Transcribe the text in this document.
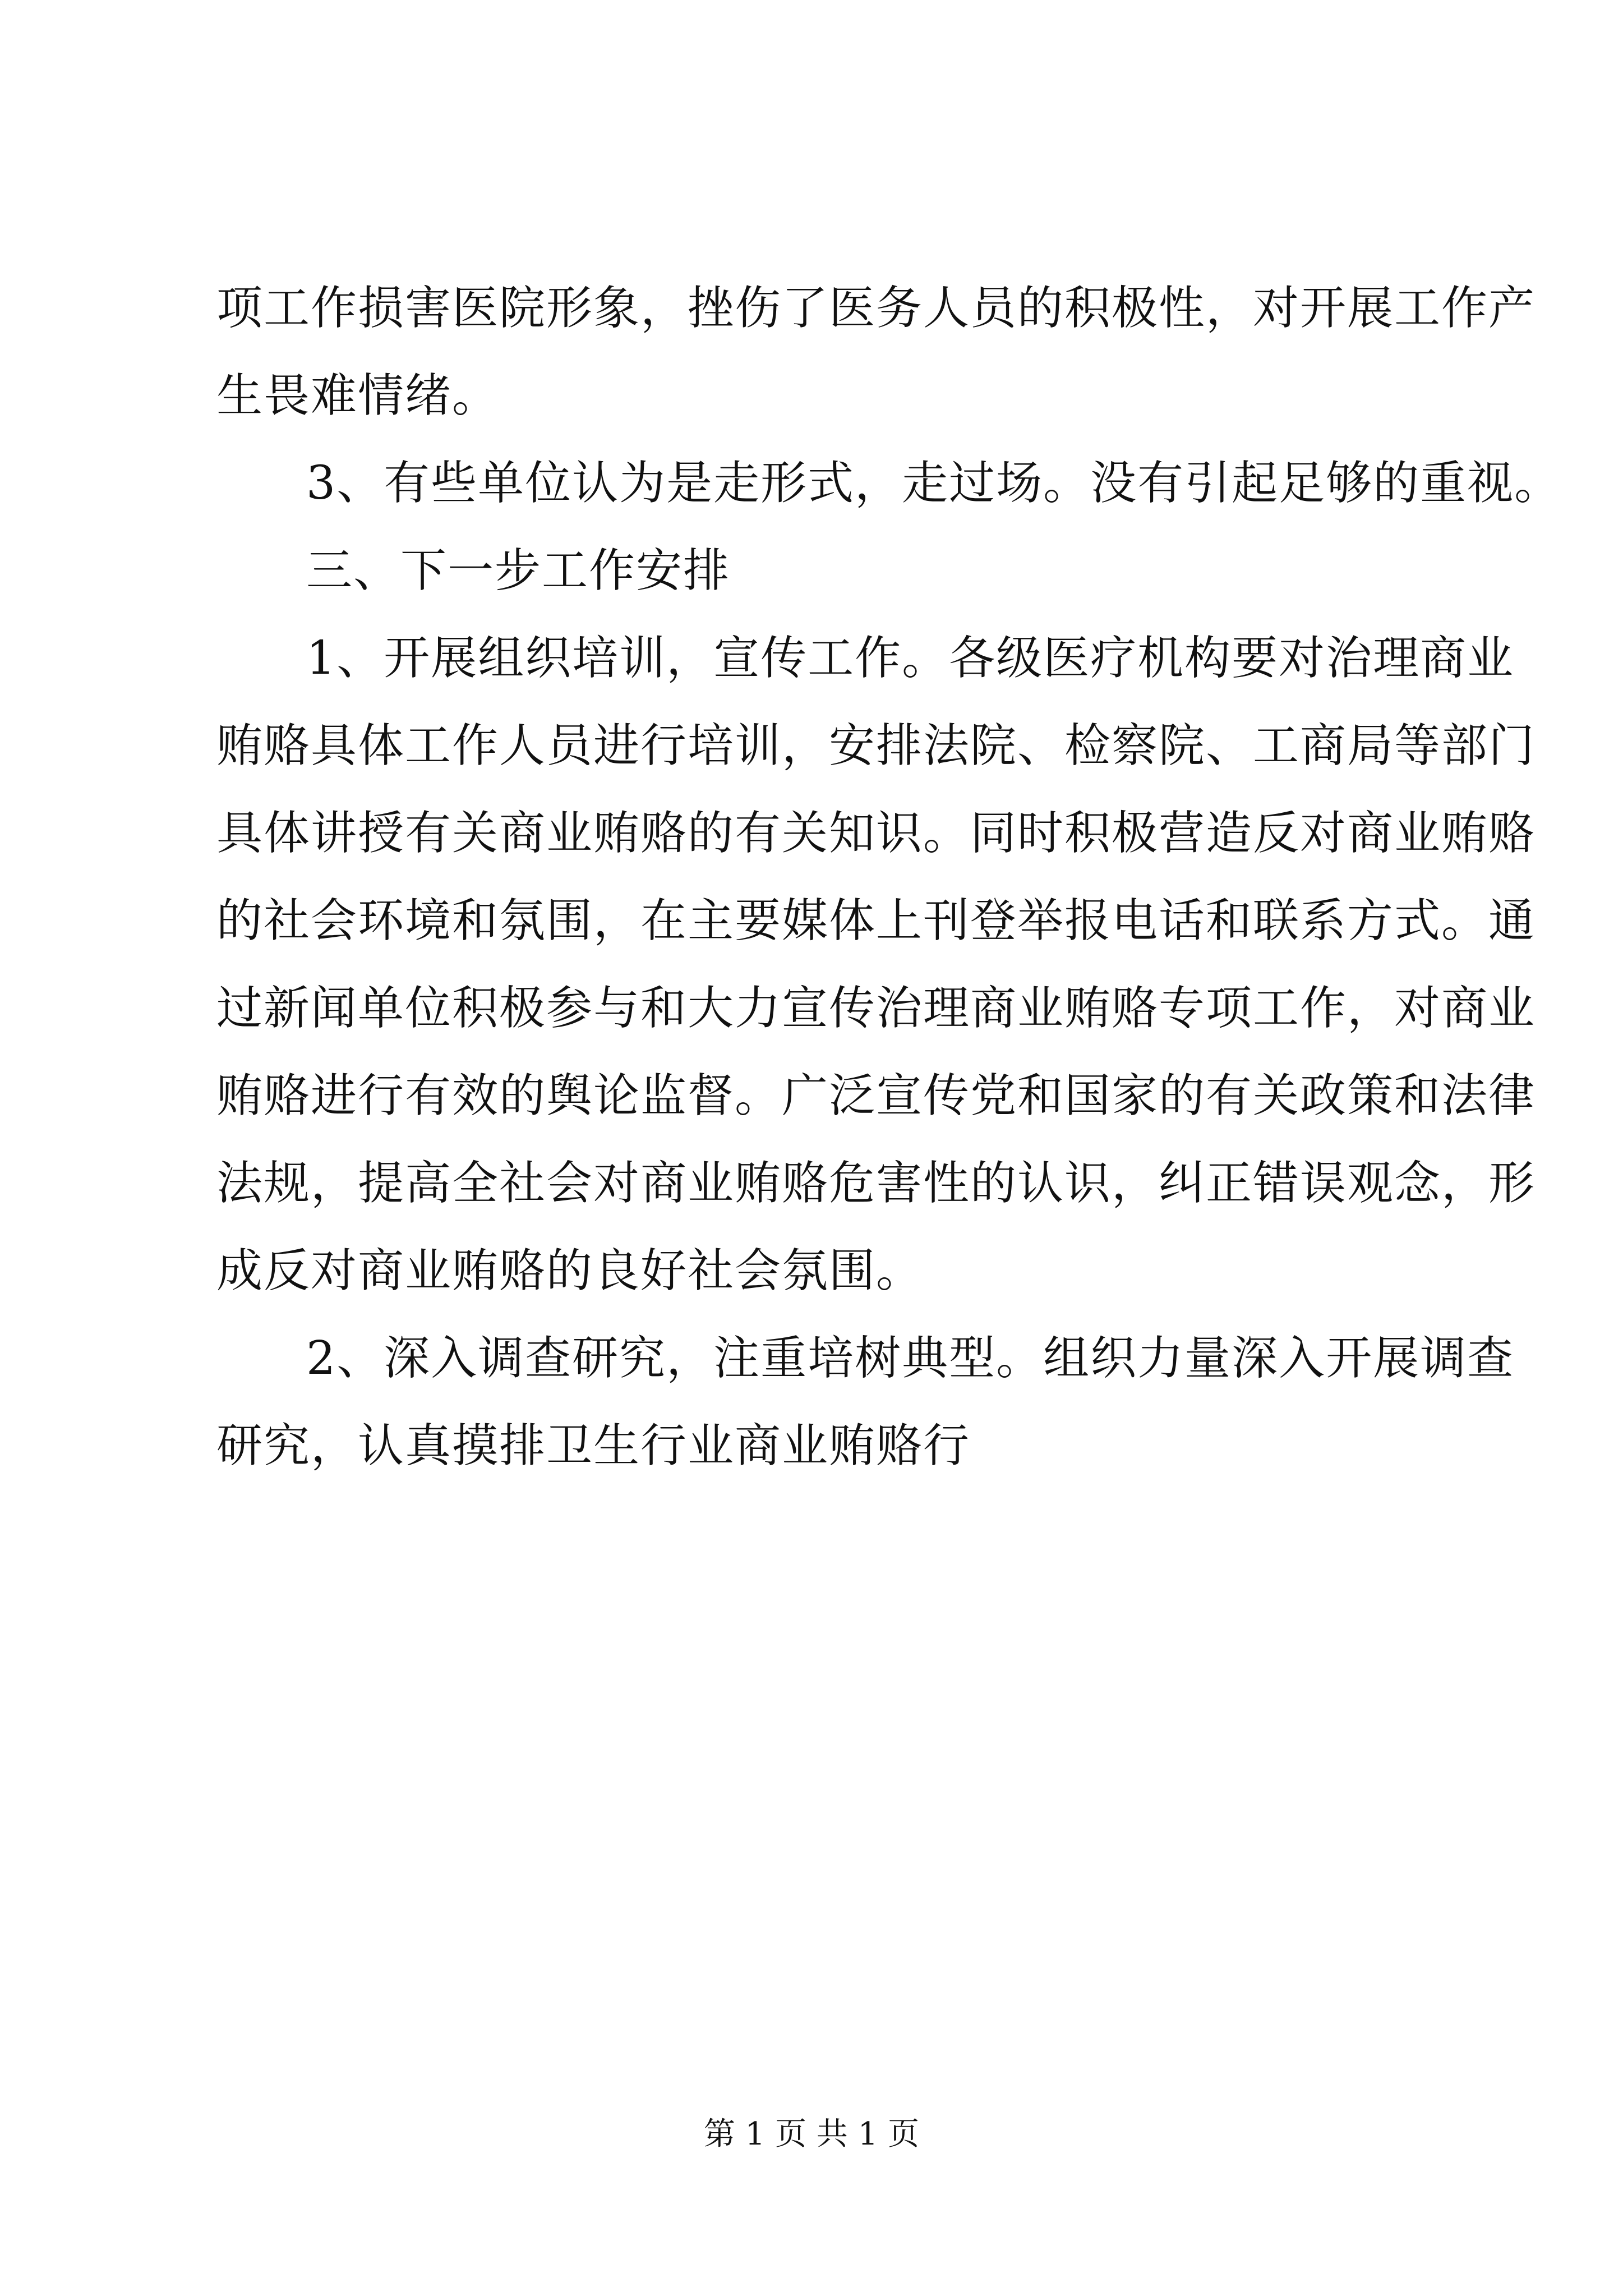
项工作损害医院形象，挫伤了医务人员的积极性，对开展工作产
生畏难情绪。
3、有些单位认为是走形式，走过场。没有引起足够的重视。
三、下一步工作安排
1、开展组织培训，宣传工作。各级医疗机构要对治理商业
贿赂具体工作人员进行培训，安排法院、检察院、工商局等部门
具体讲授有关商业贿赂的有关知识。同时积极营造反对商业贿赂
的社会环境和氛围，在主要媒体上刊登举报电话和联系方式。通
过新闻单位积极参与和大力宣传治理商业贿赂专项工作，对商业
贿赂进行有效的舆论监督。广泛宣传党和国家的有关政策和法律
法规，提高全社会对商业贿赂危害性的认识，纠正错误观念，形
成反对商业贿赂的良好社会氛围。
2、深入调查研究，注重培树典型。组织力量深入开展调查
研究，认真摸排卫生行业商业贿赂行
第 1 页 共 1 页
